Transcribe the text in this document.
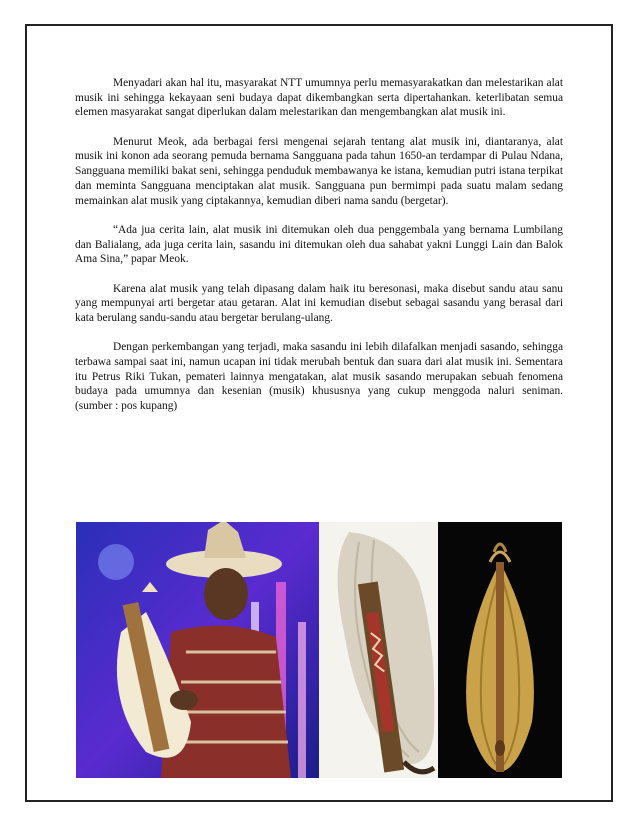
Menyadari akan hal itu, masyarakat NTT umumnya perlu memasyarakatkan dan melestarikan alat musik ini sehingga kekayaan seni budaya dapat dikembangkan serta dipertahankan. keterlibatan semua elemen masyarakat sangat diperlukan dalam melestarikan dan mengembangkan alat musik ini.

Menurut Meok, ada berbagai fersi mengenai sejarah tentang alat musik ini, diantaranya, alat musik ini konon ada seorang pemuda bernama Sangguana pada tahun 1650-an terdampar di Pulau Ndana, Sangguana memiliki bakat seni, sehingga penduduk membawanya ke istana, kemudian putri istana terpikat dan meminta Sangguana menciptakan alat musik. Sangguana pun bermimpi pada suatu malam sedang memainkan alat musik yang ciptakannya, kemudian diberi nama sandu (bergetar).

“Ada jua cerita lain, alat musik ini ditemukan oleh dua penggembala yang bernama Lumbilang dan Balialang, ada juga cerita lain, sasandu ini ditemukan oleh dua sahabat yakni Lunggi Lain dan Balok Ama Sina,” papar Meok.

Karena alat musik yang telah dipasang dalam haik itu beresonasi, maka disebut sandu atau sanu yang mempunyai arti bergetar atau getaran. Alat ini kemudian disebut sebagai sasandu yang berasal dari kata berulang sandu-sandu atau bergetar berulang-ulang.

Dengan perkembangan yang terjadi, maka sasandu ini lebih dilafalkan menjadi sasando, sehingga terbawa sampai saat ini, namun ucapan ini tidak merubah bentuk dan suara dari alat musik ini. Sementara itu Petrus Riki Tukan, pemateri lainnya mengatakan, alat musik sasando merupakan sebuah fenomena budaya pada umumnya dan kesenian (musik) khususnya yang cukup menggoda naluri seniman.

(sumber : pos kupang)
